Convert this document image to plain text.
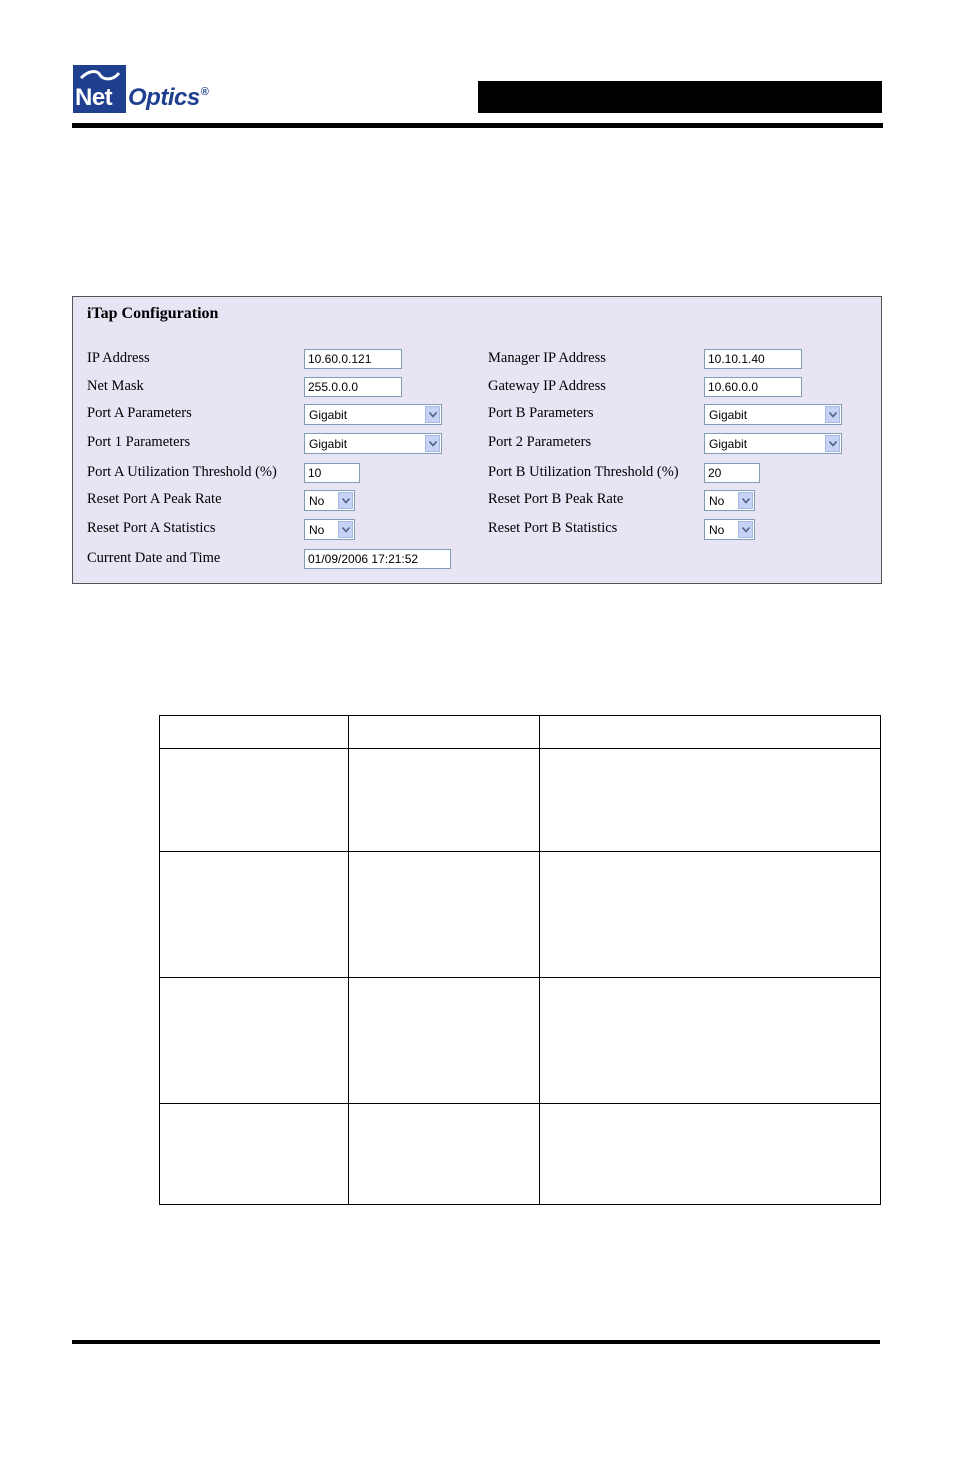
Net Optics®
iTap Configuration
IP Address	10.60.0.121
Net Mask	255.0.0.0
Port A Parameters	Gigabit
Port 1 Parameters	Gigabit
Port A Utilization Threshold (%)	10
Reset Port A Peak Rate	No
Reset Port A Statistics	No
Current Date and Time	01/09/2006 17:21:52
Manager IP Address	10.10.1.40
Gateway IP Address	10.60.0.0
Port B Parameters	Gigabit
Port 2 Parameters	Gigabit
Port B Utilization Threshold (%)	20
Reset Port B Peak Rate	No
Reset Port B Statistics	No
